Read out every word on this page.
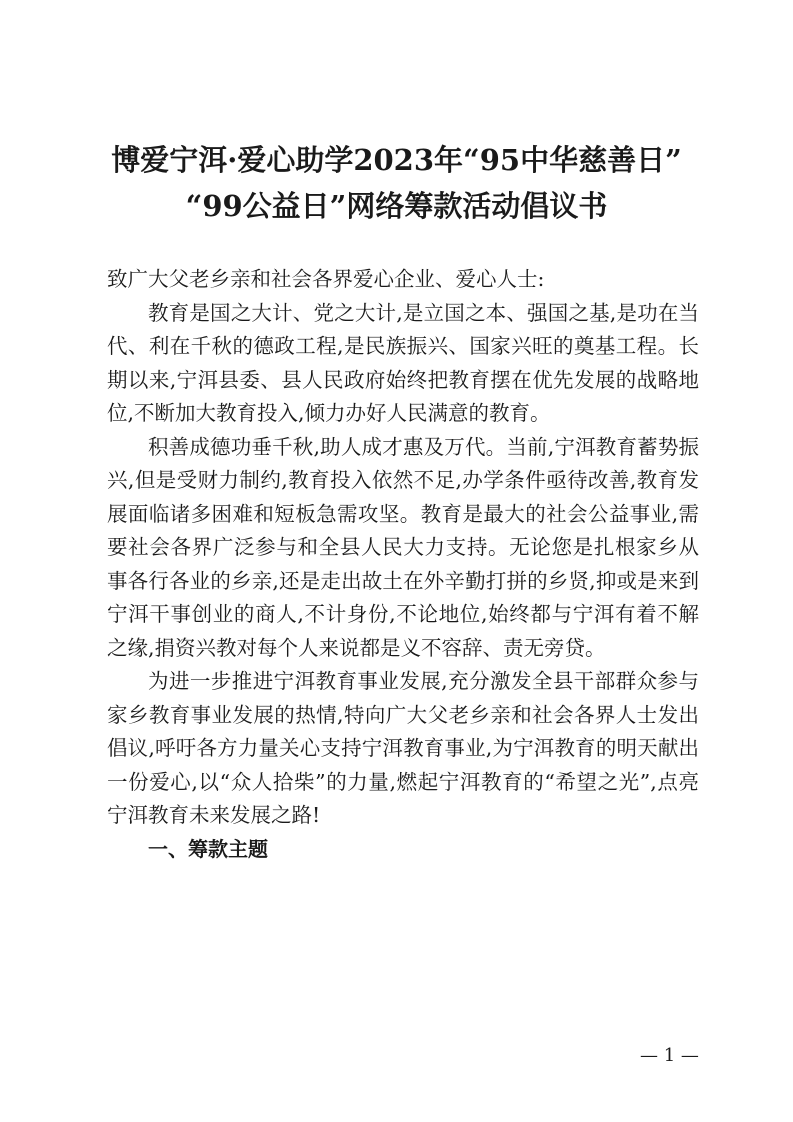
博爱宁洱·爱心助学2023年“95中华慈善日”
“99公益日”网络筹款活动倡议书

致广大父老乡亲和社会各界爱心企业、爱心人士:

教育是国之大计、党之大计,是立国之本、强国之基,是功在当代、利在千秋的德政工程,是民族振兴、国家兴旺的奠基工程。长期以来,宁洱县委、县人民政府始终把教育摆在优先发展的战略地位,不断加大教育投入,倾力办好人民满意的教育。

积善成德功垂千秋,助人成才惠及万代。当前,宁洱教育蓄势振兴,但是受财力制约,教育投入依然不足,办学条件亟待改善,教育发展面临诸多困难和短板急需攻坚。教育是最大的社会公益事业,需要社会各界广泛参与和全县人民大力支持。无论您是扎根家乡从事各行各业的乡亲,还是走出故土在外辛勤打拼的乡贤,抑或是来到宁洱干事创业的商人,不计身份,不论地位,始终都与宁洱有着不解之缘,捐资兴教对每个人来说都是义不容辞、责无旁贷。

为进一步推进宁洱教育事业发展,充分激发全县干部群众参与家乡教育事业发展的热情,特向广大父老乡亲和社会各界人士发出倡议,呼吁各方力量关心支持宁洱教育事业,为宁洱教育的明天献出一份爱心,以“众人拾柴”的力量,燃起宁洱教育的“希望之光”,点亮宁洱教育未来发展之路!

一、筹款主题

— 1 —
